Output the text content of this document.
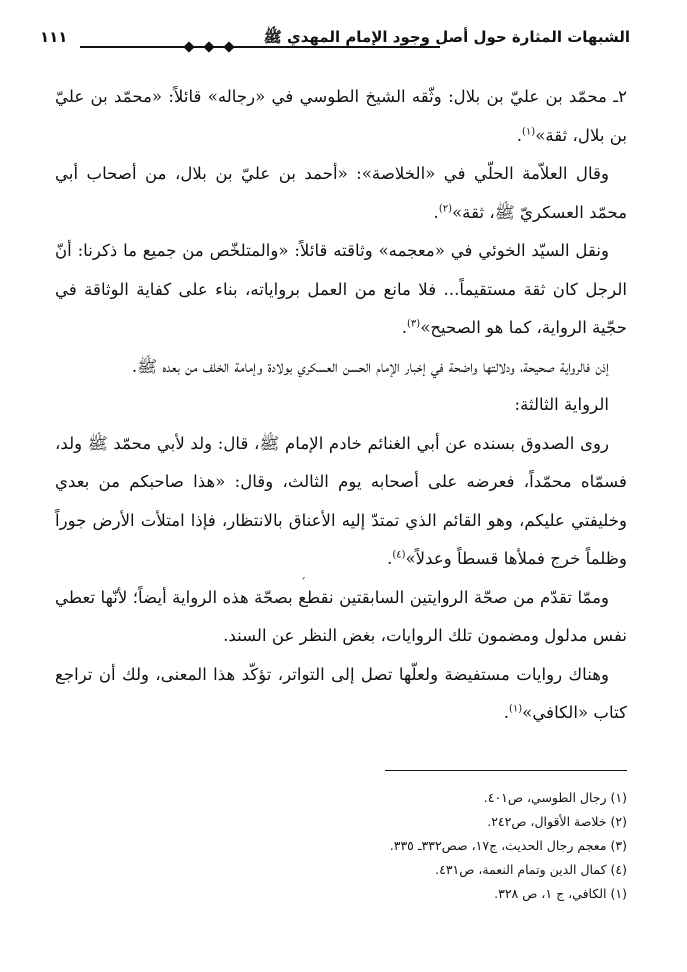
الشبهات المثارة حول أصل وجود الإمام المهدي ﷺ
١١١

٢ـ محمّد بن عليّ بن بلال: وثّقه الشيخ الطوسي في «رجاله» قائلاً: «محمّد بن عليّ بن بلال، ثقة»$^{(١)}$.

وقال العلاّمة الحلّي في «الخلاصة»: «أحمد بن عليّ بن بلال، من أصحاب أبي محمّد العسكريّ ﷺ، ثقة»$^{(٢)}$.

ونقل السيّد الخوئي في «معجمه» وثاقته قائلاً: «والمتلخّص من جميع ما ذكرنا: أنّ الرجل كان ثقة مستقيماً... فلا مانع من العمل برواياته، بناء على كفاية الوثاقة في حجّية الرواية، كما هو الصحيح»$^{(٣)}$.

إذن فالرواية صحيحة، ودلالتها واضحة في إخبار الإمام الحسن العسكري بولادة وإمامة الخلف من بعده ﷺ.

الرواية الثالثة:

روى الصدوق بسنده عن أبي الغنائم خادم الإمام ﷺ، قال: ولد لأبي محمّد ﷺ ولد، فسمّاه محمّداً، فعرضه على أصحابه يوم الثالث، وقال: «هذا صاحبكم من بعدي وخليفتي عليكم، وهو القائم الذي تمتدّ إليه الأعناق بالانتظار، فإذا امتلأت الأرض جوراً وظلماً خرج فملأها قسطاً وعدلاً»$^{(٤)}$.

وممّا تقدّم من صحّة الروايتين السابقتين نقطع بصحّة هذه الرواية أيضاً؛ لأنّها تعطي نفس مدلول ومضمون تلك الروايات، بغض النظر عن السند.

وهناك روايات مستفيضة ولعلّها تصل إلى التواتر، تؤكّد هذا المعنى، ولك أن تراجع كتاب «الكافي»$^{(١)}$.

´
(١) رجال الطوسي، ص٤٠١.
(٢) خلاصة الأقوال، ص٢٤٢.
(٣) معجم رجال الحديث، ج١٧، صص٣٣٢ـ ٣٣٥.
(٤) كمال الدين وتمام النعمة، ص٤٣١.
(١) الكافي، ج ١، ص ٣٢٨.
